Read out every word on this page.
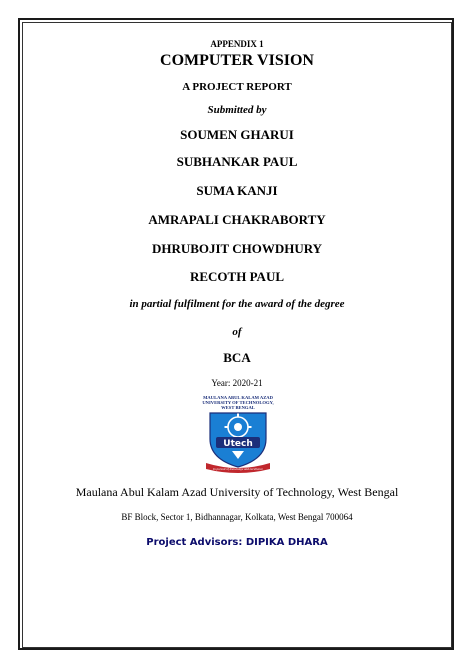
APPENDIX 1
COMPUTER VISION
A PROJECT REPORT
Submitted by
SOUMEN GHARUI
SUBHANKAR PAUL
SUMA KANJI
AMRAPALI CHAKRABORTY
DHRUBOJIT CHOWDHURY
RECOTH PAUL
in partial fulfilment for the award of the degree
of
BCA
Year: 2020-21
MAULANA ABUL KALAM AZAD
UNIVERSITY OF TECHNOLOGY,
WEST BENGAL
Utech
In pursuit of knowledge and excellence
Maulana Abul Kalam Azad University of Technology, West Bengal
BF Block, Sector 1, Bidhannagar, Kolkata, West Bengal 700064
Project Advisors: DIPIKA DHARA
